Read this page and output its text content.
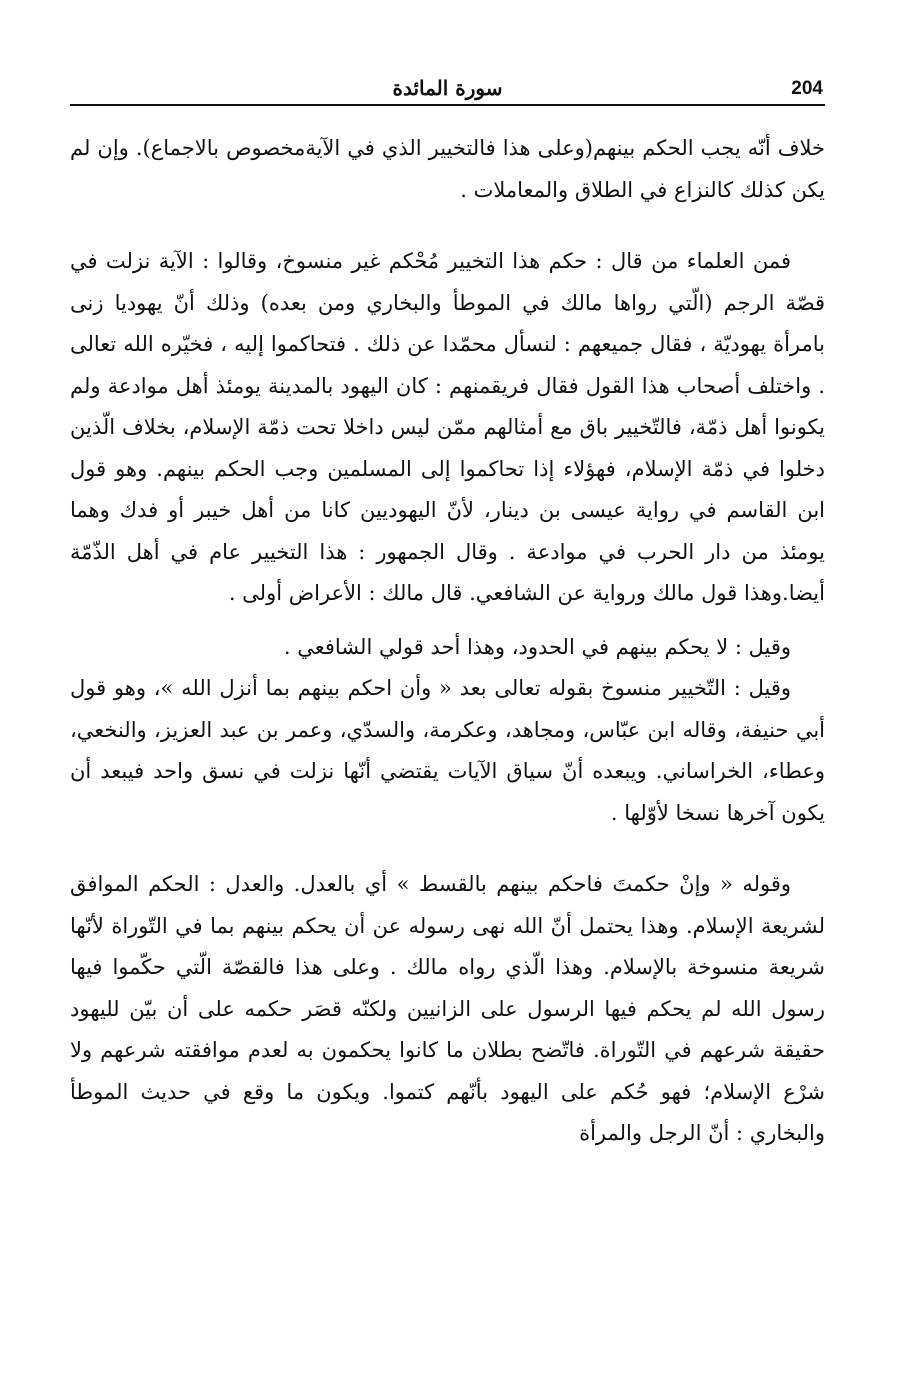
204
سورة المائدة

خلاف أنّه يجب الحكم بينهم(وعلى هذا فالتخيير الذي في الآيةمخصوص بالاجماع). وإن لم يكن كذلك كالنزاع في الطلاق والمعاملات .

فمن العلماء من قال : حكم هذا التخيير مُحْكم غير منسوخ، وقالوا : الآية نزلت في قصّة الرجم (الّتي رواها مالك في الموطأ والبخاري ومن بعده) وذلك أنّ يهوديا زنى بامرأة يهوديّة ، فقال جميعهم : لنسأل محمّدا عن ذلك . فتحاكموا إليه ، فخيّره الله تعالى . واختلف أصحاب هذا القول فقال فريقمنهم : كان اليهود بالمدينة يومئذ أهل موادعة ولم يكونوا أهل ذمّة، فالتّخيير باق مع أمثالهم ممّن ليس داخلا تحت ذمّة الإسلام، بخلاف الّذين دخلوا في ذمّة الإسلام، فهؤلاء إذا تحاكموا إلى المسلمين وجب الحكم بينهم. وهو قول ابن القاسم في رواية عيسى بن دينار، لأنّ اليهوديين كانا من أهل خيبر أو فدك وهما يومئذ من دار الحرب في موادعة . وقال الجمهور : هذا التخيير عام في أهل الذّمّة أيضا.وهذا قول مالك ورواية عن الشافعي. قال مالك : الأعراض أولى .

وقيل : لا يحكم بينهم في الحدود، وهذا أحد قولي الشافعي .

وقيل : التّخيير منسوخ بقوله تعالى بعد « وأن احكم بينهم بما أنزل الله »، وهو قول أبي حنيفة، وقاله ابن عبّاس، ومجاهد، وعكرمة، والسدّي، وعمر بن عبد العزيز، والنخعي، وعطاء، الخراساني. ويبعده أنّ سياق الآيات يقتضي أنّها نزلت في نسق واحد فيبعد أن يكون آخرها نسخا لأوّلها .

وقوله « وإنْ حكمتَ فاحكم بينهم بالقسط » أي بالعدل. والعدل : الحكم الموافق لشريعة الإسلام. وهذا يحتمل أنّ الله نهى رسوله عن أن يحكم بينهم بما في التّوراة لأنّها شريعة منسوخة بالإسلام. وهذا الّذي رواه مالك . وعلى هذا فالقصّة الّتي حكّموا فيها رسول الله لم يحكم فيها الرسول على الزانيين ولكنّه قصَر حكمه على أن بيّن لليهود حقيقة شرعهم في التّوراة. فاتّضح بطلان ما كانوا يحكمون به لعدم موافقته شرعهم ولا شرْع الإسلام؛ فهو حُكم على اليهود بأنّهم كتموا. ويكون ما وقع في حديث الموطأ والبخاري : أنّ الرجل والمرأة
